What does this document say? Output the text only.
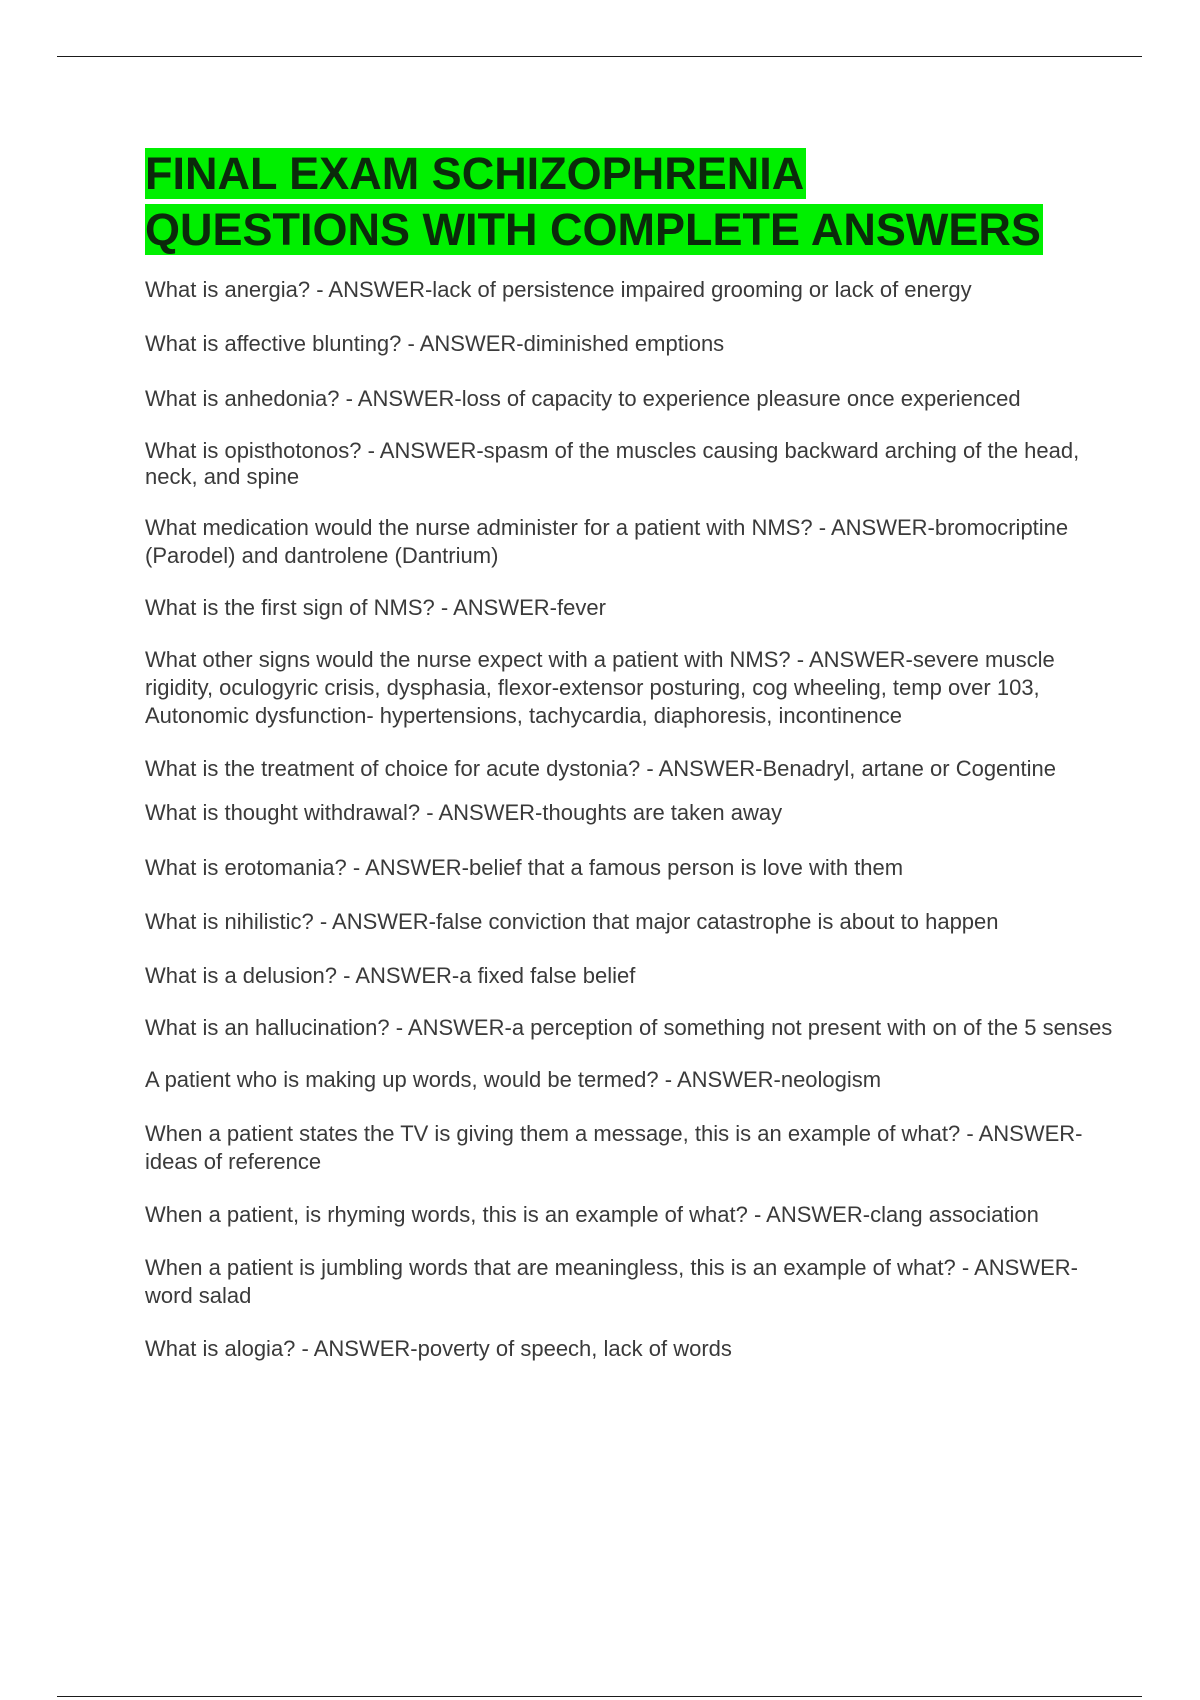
FINAL EXAM SCHIZOPHRENIA
QUESTIONS WITH COMPLETE ANSWERS
What is anergia? - ANSWER-lack of persistence impaired grooming or lack of energy
What is affective blunting? - ANSWER-diminished emptions
What is anhedonia? - ANSWER-loss of capacity to experience pleasure once experienced
What is opisthotonos? - ANSWER-spasm of the muscles causing backward arching of the head, neck, and spine
What medication would the nurse administer for a patient with NMS? - ANSWER-bromocriptine (Parodel) and dantrolene (Dantrium)
What is the first sign of NMS? - ANSWER-fever
What other signs would the nurse expect with a patient with NMS? - ANSWER-severe muscle rigidity, oculogyric crisis, dysphasia, flexor-extensor posturing, cog wheeling, temp over 103, Autonomic dysfunction- hypertensions, tachycardia, diaphoresis, incontinence
What is the treatment of choice for acute dystonia? - ANSWER-Benadryl, artane or Cogentine
What is thought withdrawal? - ANSWER-thoughts are taken away
What is erotomania? - ANSWER-belief that a famous person is love with them
What is nihilistic? - ANSWER-false conviction that major catastrophe is about to happen
What is a delusion? - ANSWER-a fixed false belief
What is an hallucination? - ANSWER-a perception of something not present with on of the 5 senses
A patient who is making up words, would be termed? - ANSWER-neologism
When a patient states the TV is giving them a message, this is an example of what? - ANSWER-ideas of reference
When a patient, is rhyming words, this is an example of what? - ANSWER-clang association
When a patient is jumbling words that are meaningless, this is an example of what? - ANSWER-word salad
What is alogia? - ANSWER-poverty of speech, lack of words
